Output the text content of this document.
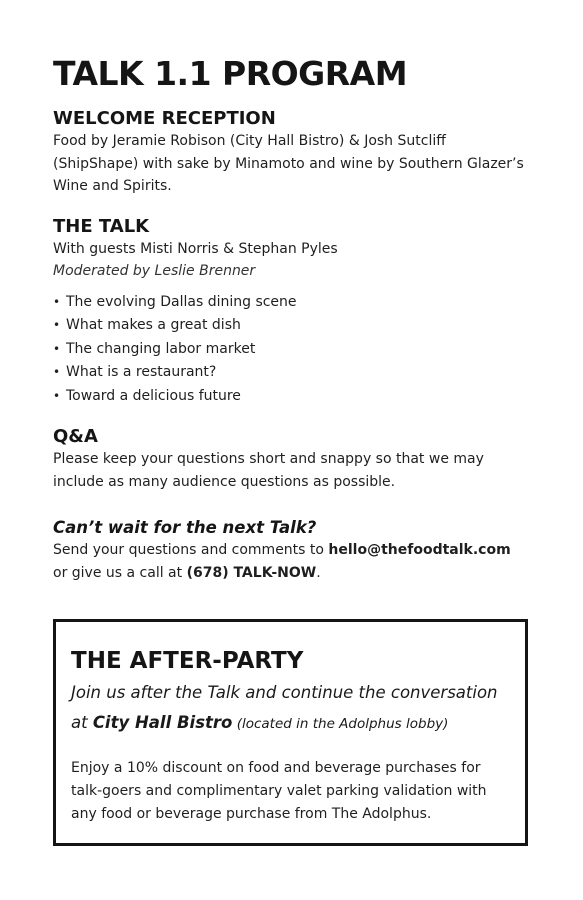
TALK 1.1 PROGRAM
WELCOME RECEPTION

Food by Jeramie Robison (City Hall Bistro) & Josh Sutcliff (ShipShape) with sake by Minamoto and wine by Southern Glazer’s Wine and Spirits.

THE TALK

With guests Misti Norris & Stephan Pyles

Moderated by Leslie Brenner

• The evolving Dallas dining scene
• What makes a great dish
• The changing labor market
• What is a restaurant?
• Toward a delicious future
Q&A

Please keep your questions short and snappy so that we may include as many audience questions as possible.

Can’t wait for the next Talk?

Send your questions and comments to hello@thefoodtalk.com

or give us a call at (678) TALK-NOW.

THE AFTER-PARTY

Join us after the Talk and continue the conversation

at City Hall Bistro (located in the Adolphus lobby)

Enjoy a 10% discount on food and beverage purchases for talk-goers and complimentary valet parking validation with any food or beverage purchase from The Adolphus.
